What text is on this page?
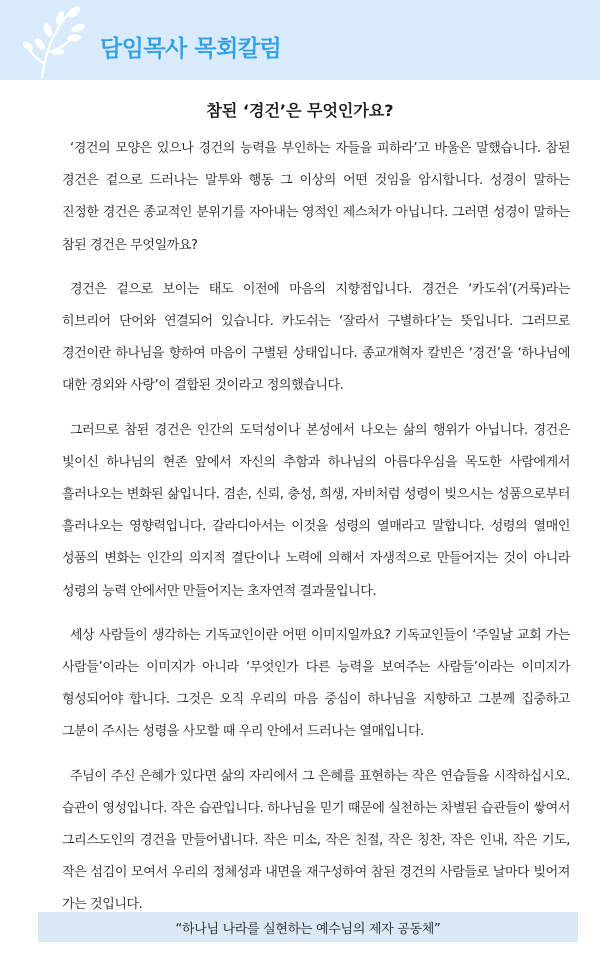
담임목사 목회칼럼
참된 ‘경건’은 무엇인가요?

‘경건의 모양은 있으나 경건의 능력을 부인하는 자들을 피하라’고 바울은 말했습니다. 참된 경건은 겉으로 드러나는 말투와 행동 그 이상의 어떤 것임을 암시합니다. 성경이 말하는 진정한 경건은 종교적인 분위기를 자아내는 영적인 제스처가 아닙니다. 그러면 성경이 말하는 참된 경건은 무엇일까요?

경건은 겉으로 보이는 태도 이전에 마음의 지향점입니다. 경건은 ‘카도쉬’(거룩)라는 히브리어 단어와 연결되어 있습니다. 카도쉬는 ‘잘라서 구별하다’는 뜻입니다. 그러므로 경건이란 하나님을 향하여 마음이 구별된 상태입니다. 종교개혁자 칼빈은 ‘경건’을 ‘하나님에 대한 경외와 사랑’이 결합된 것이라고 정의했습니다.

그러므로 참된 경건은 인간의 도덕성이나 본성에서 나오는 삶의 행위가 아닙니다. 경건은 빛이신 하나님의 현존 앞에서 자신의 추함과 하나님의 아름다우심을 목도한 사람에게서 흘러나오는 변화된 삶입니다. 겸손, 신뢰, 충성, 희생, 자비처럼 성령이 빚으시는 성품으로부터 흘러나오는 영향력입니다. 갈라디아서는 이것을 성령의 열매라고 말합니다. 성령의 열매인 성품의 변화는 인간의 의지적 결단이나 노력에 의해서 자생적으로 만들어지는 것이 아니라 성령의 능력 안에서만 만들어지는 초자연적 결과물입니다.

세상 사람들이 생각하는 기독교인이란 어떤 이미지일까요? 기독교인들이 ‘주일날 교회 가는 사람들’이라는 이미지가 아니라 ‘무엇인가 다른 능력을 보여주는 사람들’이라는 이미지가 형성되어야 합니다. 그것은 오직 우리의 마음 중심이 하나님을 지향하고 그분께 집중하고 그분이 주시는 성령을 사모할 때 우리 안에서 드러나는 열매입니다.

주님이 주신 은혜가 있다면 삶의 자리에서 그 은혜를 표현하는 작은 연습들을 시작하십시오. 습관이 영성입니다. 작은 습관입니다. 하나님을 믿기 때문에 실천하는 차별된 습관들이 쌓여서 그리스도인의 경건을 만들어냅니다. 작은 미소, 작은 친절, 작은 칭찬, 작은 인내, 작은 기도, 작은 섬김이 모여서 우리의 정체성과 내면을 재구성하여 참된 경건의 사람들로 날마다 빚어져 가는 것입니다.

“하나님 나라를 실현하는 예수님의 제자 공동체”
